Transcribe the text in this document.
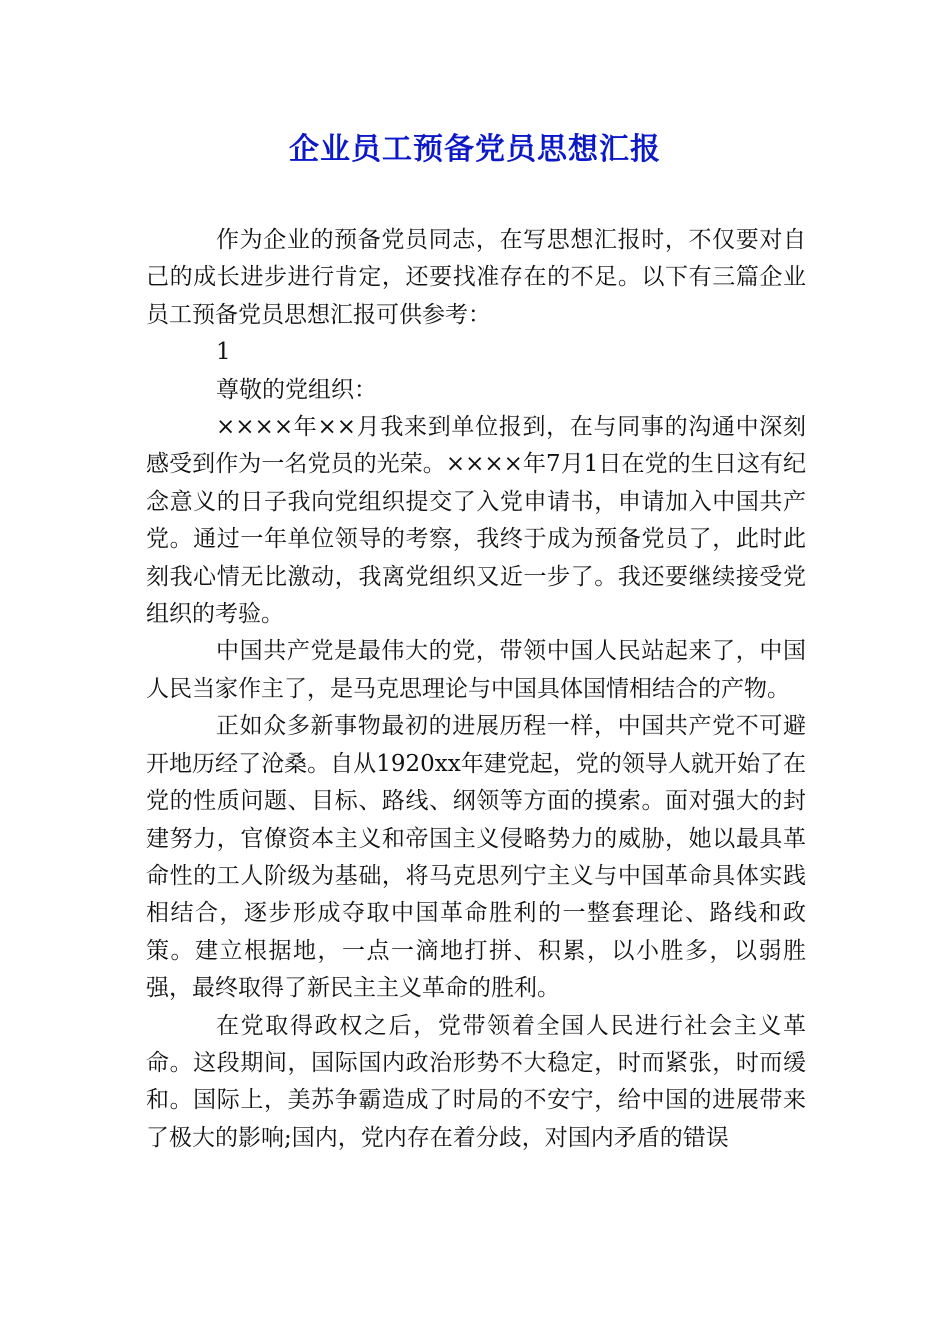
企业员工预备党员思想汇报

作为企业的预备党员同志，在写思想汇报时，不仅要对自己的成长进步进行肯定，还要找准存在的不足。以下有三篇企业员工预备党员思想汇报可供参考：

1

尊敬的党组织：

××××年××月我来到单位报到，在与同事的沟通中深刻感受到作为一名党员的光荣。××××年7月1日在党的生日这有纪念意义的日子我向党组织提交了入党申请书，申请加入中国共产党。通过一年单位领导的考察，我终于成为预备党员了，此时此刻我心情无比激动，我离党组织又近一步了。我还要继续接受党组织的考验。

中国共产党是最伟大的党，带领中国人民站起来了，中国人民当家作主了，是马克思理论与中国具体国情相结合的产物。

正如众多新事物最初的进展历程一样，中国共产党不可避开地历经了沧桑。自从1920xx年建党起，党的领导人就开始了在党的性质问题、目标、路线、纲领等方面的摸索。面对强大的封建努力，官僚资本主义和帝国主义侵略势力的威胁，她以最具革命性的工人阶级为基础，将马克思列宁主义与中国革命具体实践相结合，逐步形成夺取中国革命胜利的一整套理论、路线和政策。建立根据地，一点一滴地打拼、积累，以小胜多，以弱胜强，最终取得了新民主主义革命的胜利。

在党取得政权之后，党带领着全国人民进行社会主义革命。这段期间，国际国内政治形势不大稳定，时而紧张，时而缓和。国际上，美苏争霸造成了时局的不安宁，给中国的进展带来了极大的影响;国内，党内存在着分歧，对国内矛盾的错误
